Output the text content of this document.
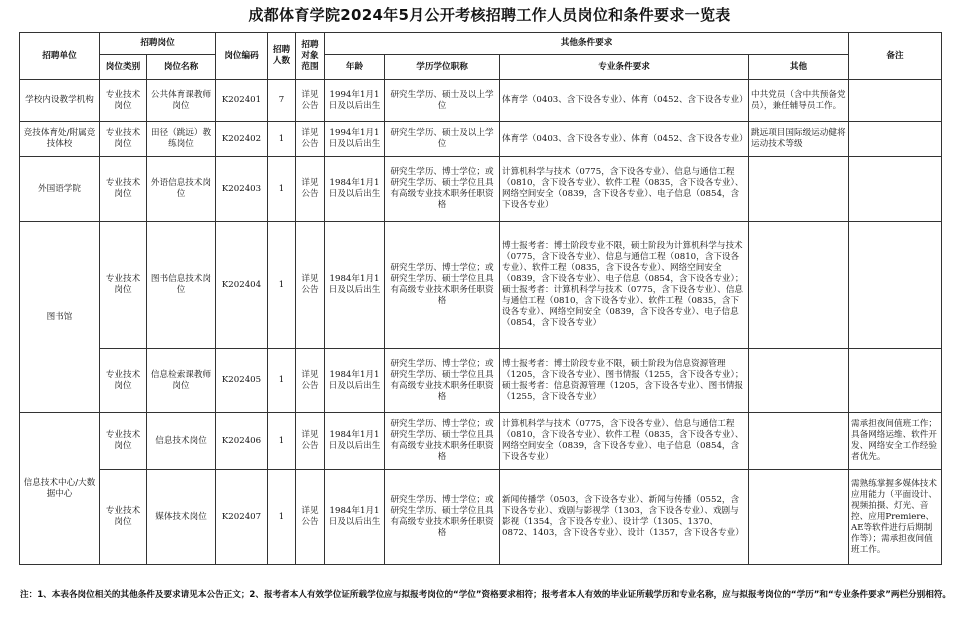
成都体育学院2024年5月公开考核招聘工作人员岗位和条件要求一览表
招聘单位	招聘岗位		岗位编码	招聘人数	招聘对象范围	其他条件要求				备注
	岗位类别	岗位名称				年龄	学历学位职称	专业条件要求	其他	
学校内设教学机构	专业技术岗位	公共体育课教师岗位	K202401	7	详见公告	1994年1月1日及以后出生	研究生学历、硕士及以上学位	体育学（0403、含下设各专业）、体育（0452、含下设各专业）	中共党员（含中共预备党员），兼任辅导员工作。	
竞技体育处/附属竞技体校	专业技术岗位	田径（跳远）教练岗位	K202402	1	详见公告	1994年1月1日及以后出生	研究生学历、硕士及以上学位	体育学（0403、含下设各专业）、体育（0452、含下设各专业）	跳远项目国际级运动健将运动技术等级	
外国语学院	专业技术岗位	外语信息技术岗位	K202403	1	详见公告	1984年1月1日及以后出生	研究生学历、博士学位；或研究生学历、硕士学位且具有高级专业技术职务任职资格	计算机科学与技术（0775，含下设各专业）、信息与通信工程（0810，含下设各专业）、软件工程（0835，含下设各专业）、网络空间安全（0839，含下设各专业）、电子信息（0854，含下设各专业）		
图书馆	专业技术岗位	图书信息技术岗位	K202404	1	详见公告	1984年1月1日及以后出生	研究生学历、博士学位；或研究生学历、硕士学位且具有高级专业技术职务任职资格	博士报考者：博士阶段专业不限，硕士阶段为计算机科学与技术（0775，含下设各专业）、信息与通信工程（0810，含下设各专业）、软件工程（0835，含下设各专业）、网络空间安全（0839，含下设各专业）、电子信息（0854，含下设各专业）；
硕士报考者：计算机科学与技术（0775，含下设各专业）、信息与通信工程（0810，含下设各专业）、软件工程（0835，含下设各专业）、网络空间安全（0839，含下设各专业）、电子信息（0854，含下设各专业）		
	专业技术岗位	信息检索课教师岗位	K202405	1	详见公告	1984年1月1日及以后出生	研究生学历、博士学位；或研究生学历、硕士学位且具有高级专业技术职务任职资格	博士报考者：博士阶段专业不限，硕士阶段为信息资源管理（1205，含下设各专业）、图书情报（1255，含下设各专业）；
硕士报考者：信息资源管理（1205，含下设各专业）、图书情报（1255，含下设各专业）		
信息技术中心/大数据中心	专业技术岗位	信息技术岗位	K202406	1	详见公告	1984年1月1日及以后出生	研究生学历、博士学位；或研究生学历、硕士学位且具有高级专业技术职务任职资格	计算机科学与技术（0775，含下设各专业）、信息与通信工程（0810，含下设各专业）、软件工程（0835，含下设各专业）、网络空间安全（0839，含下设各专业）、电子信息（0854，含下设各专业）		需承担夜间值班工作；具备网络运维、软件开发、网络安全工作经验者优先。
	专业技术岗位	媒体技术岗位	K202407	1	详见公告	1984年1月1日及以后出生	研究生学历、博士学位；或研究生学历、硕士学位且具有高级专业技术职务任职资格	新闻传播学（0503，含下设各专业）、新闻与传播（0552，含下设各专业）、戏剧与影视学（1303，含下设各专业）、戏剧与影视（1354，含下设各专业）、设计学（1305、1370、0872、1403，含下设各专业）、设计（1357，含下设各专业）		需熟练掌握多媒体技术应用能力（平面设计、视频拍摄、灯光、音控、应用Premiere、AE等软件进行后期制作等）；需承担夜间值班工作。
注：1、本表各岗位相关的其他条件及要求请见本公告正文；2、报考者本人有效学位证所载学位应与拟报考岗位的“学位”资格要求相符；报考者本人有效的毕业证所载学历和专业名称，应与拟报考岗位的“学历”和“专业条件要求”两栏分别相符。
